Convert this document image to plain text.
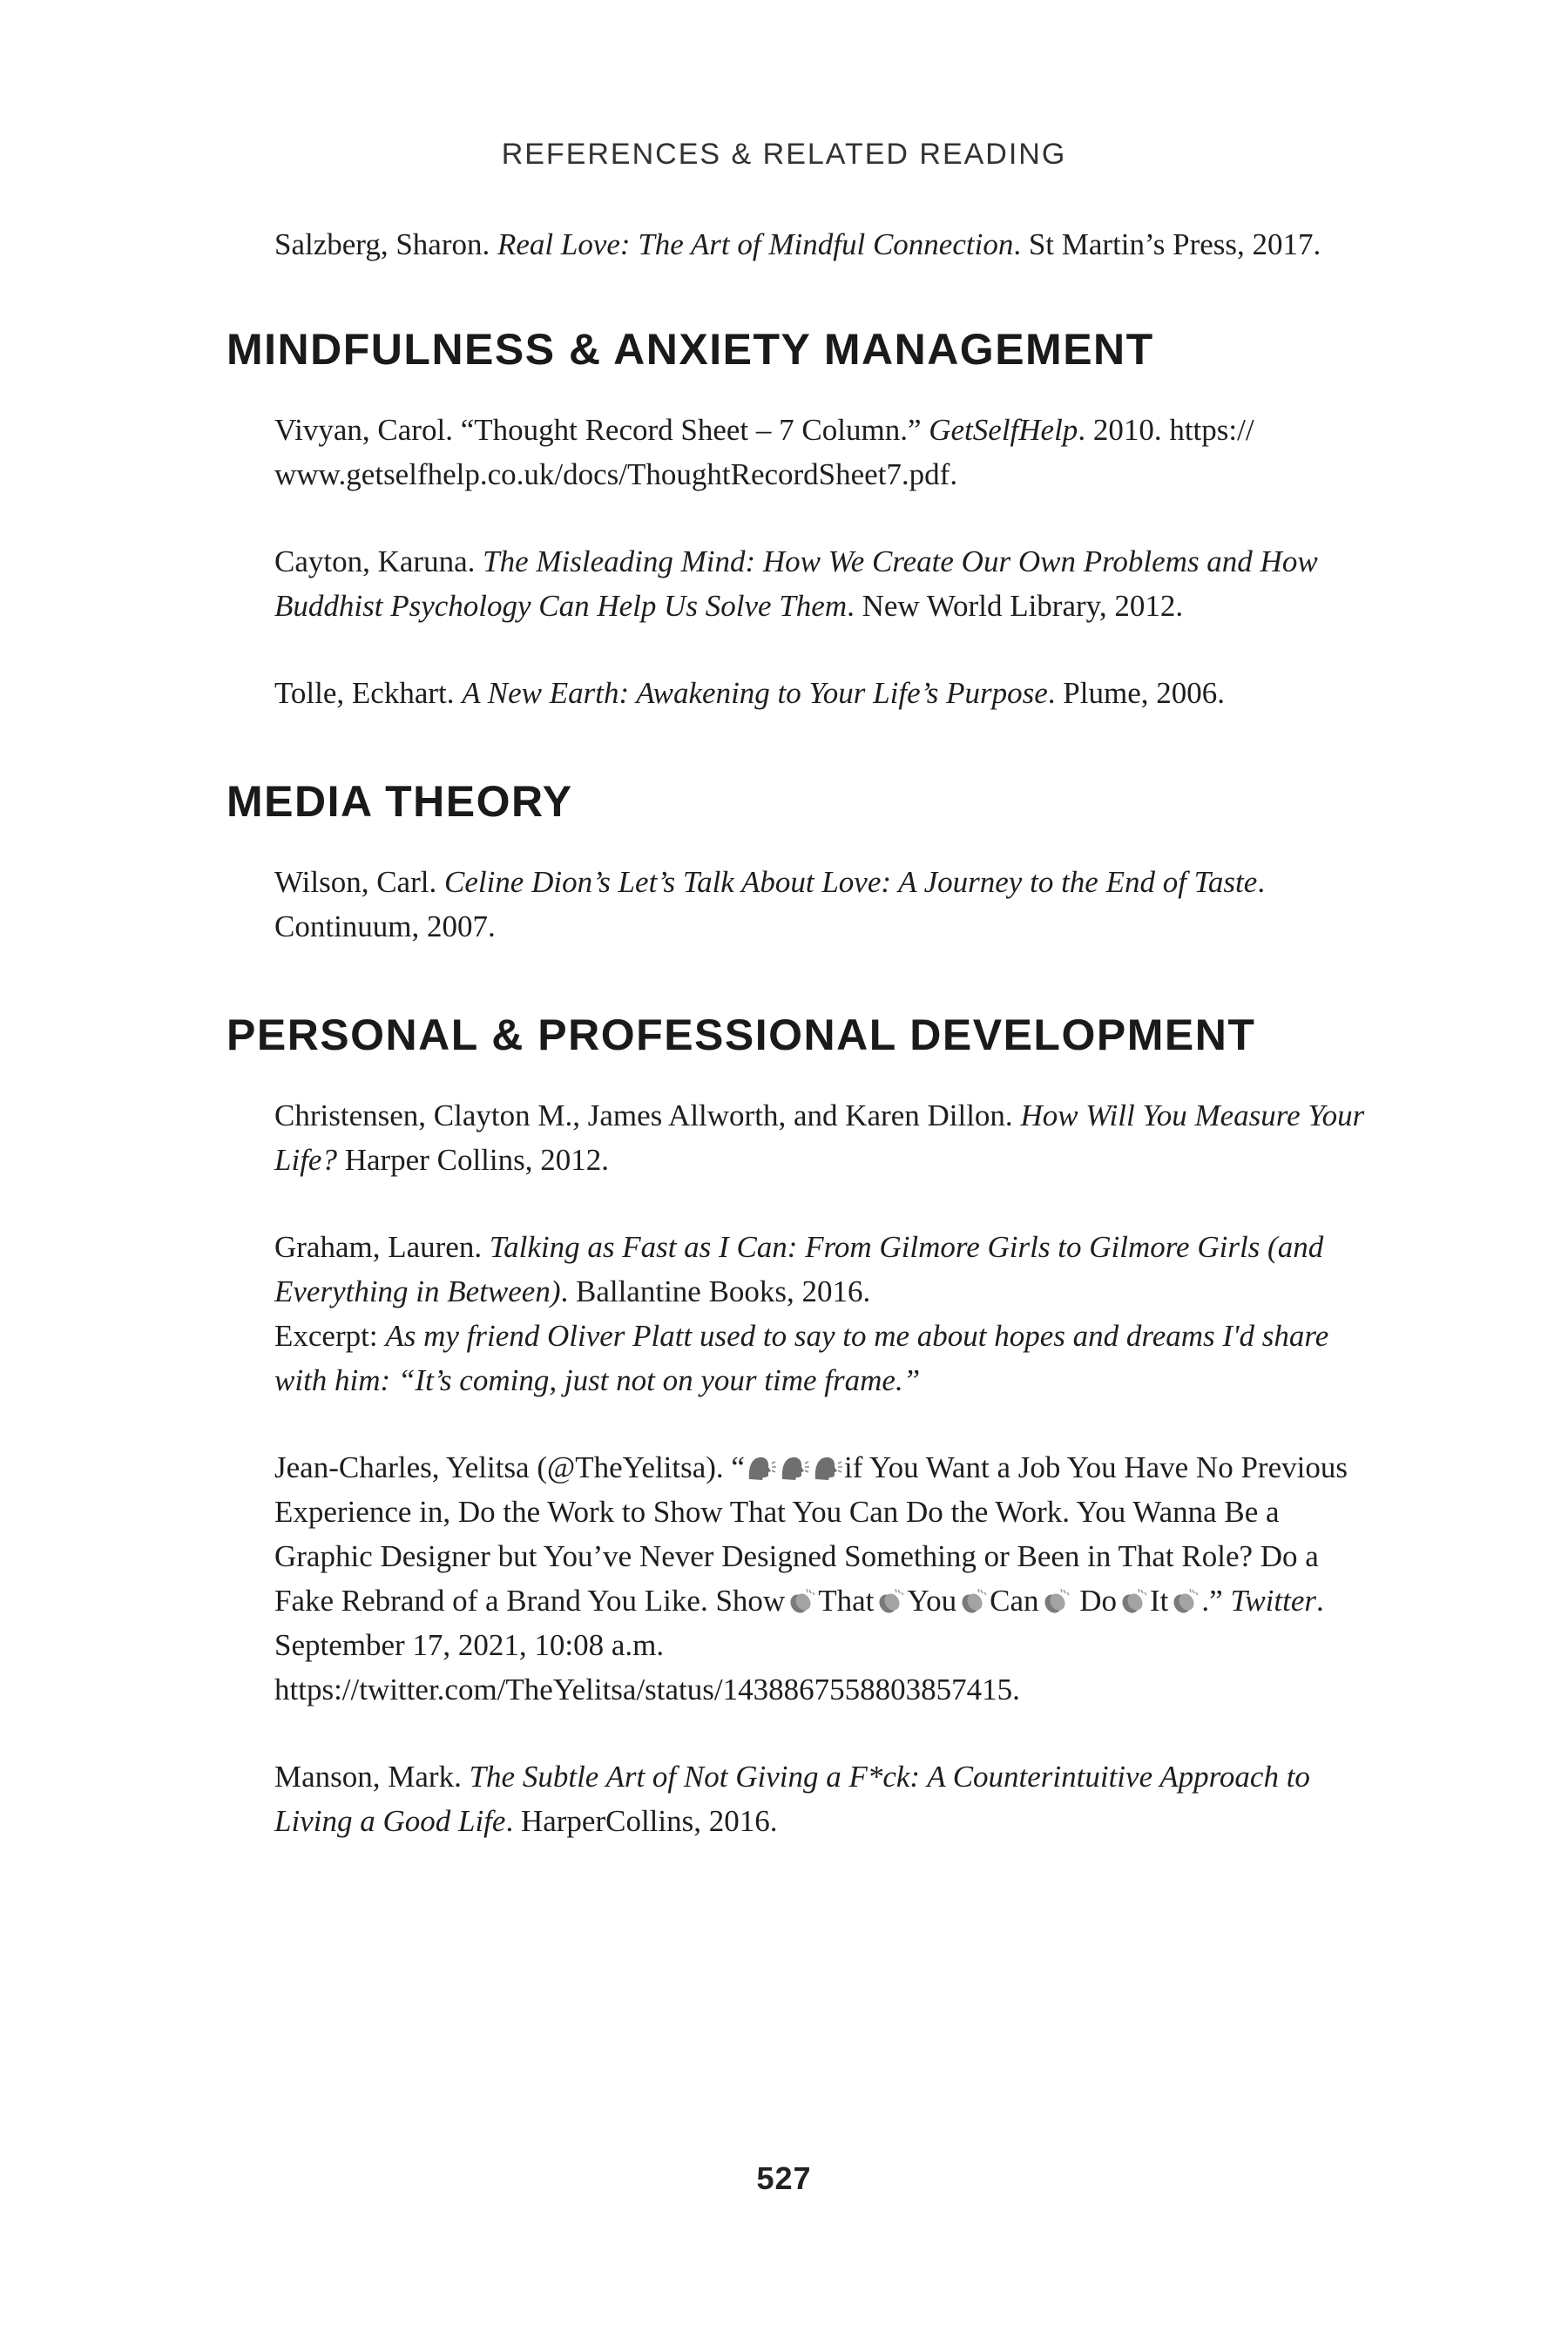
REFERENCES & RELATED READING

Salzberg, Sharon. Real Love: The Art of Mindful Connection. St Martin’s Press, 2017.

MINDFULNESS & ANXIETY MANAGEMENT

Vivyan, Carol. “Thought Record Sheet – 7 Column.” GetSelfHelp. 2010. https://
www.getselfhelp.co.uk/docs/ThoughtRecordSheet7.pdf.

Cayton, Karuna. The Misleading Mind: How We Create Our Own Problems and How Buddhist Psychology Can Help Us Solve Them. New World Library, 2012.

Tolle, Eckhart. A New Earth: Awakening to Your Life’s Purpose. Plume, 2006.

MEDIA THEORY

Wilson, Carl. Celine Dion’s Let’s Talk About Love: A Journey to the End of Taste. Continuum, 2007.

PERSONAL & PROFESSIONAL DEVELOPMENT

Christensen, Clayton M., James Allworth, and Karen Dillon. How Will You Measure Your Life? Harper Collins, 2012.

Graham, Lauren. Talking as Fast as I Can: From Gilmore Girls to Gilmore Girls (and Everything in Between). Ballantine Books, 2016.
Excerpt: As my friend Oliver Platt used to say to me about hopes and dreams I'd share with him: “It’s coming, just not on your time frame.”

Jean-Charles, Yelitsa (@TheYelitsa). “	if You Want a Job You Have No Previous Experience in, Do the Work to Show That You Can Do the Work. You Wanna Be a Graphic Designer but You’ve Never Designed Something or Been in That Role? Do a Fake Rebrand of a Brand You Like. Show That You Can Do It .” Twitter. September 17, 2021, 10:08 a.m. https://twitter.com/TheYelitsa/status/1438867558803857415.

Manson, Mark. The Subtle Art of Not Giving a F*ck: A Counterintuitive Approach to Living a Good Life. HarperCollins, 2016.

527
